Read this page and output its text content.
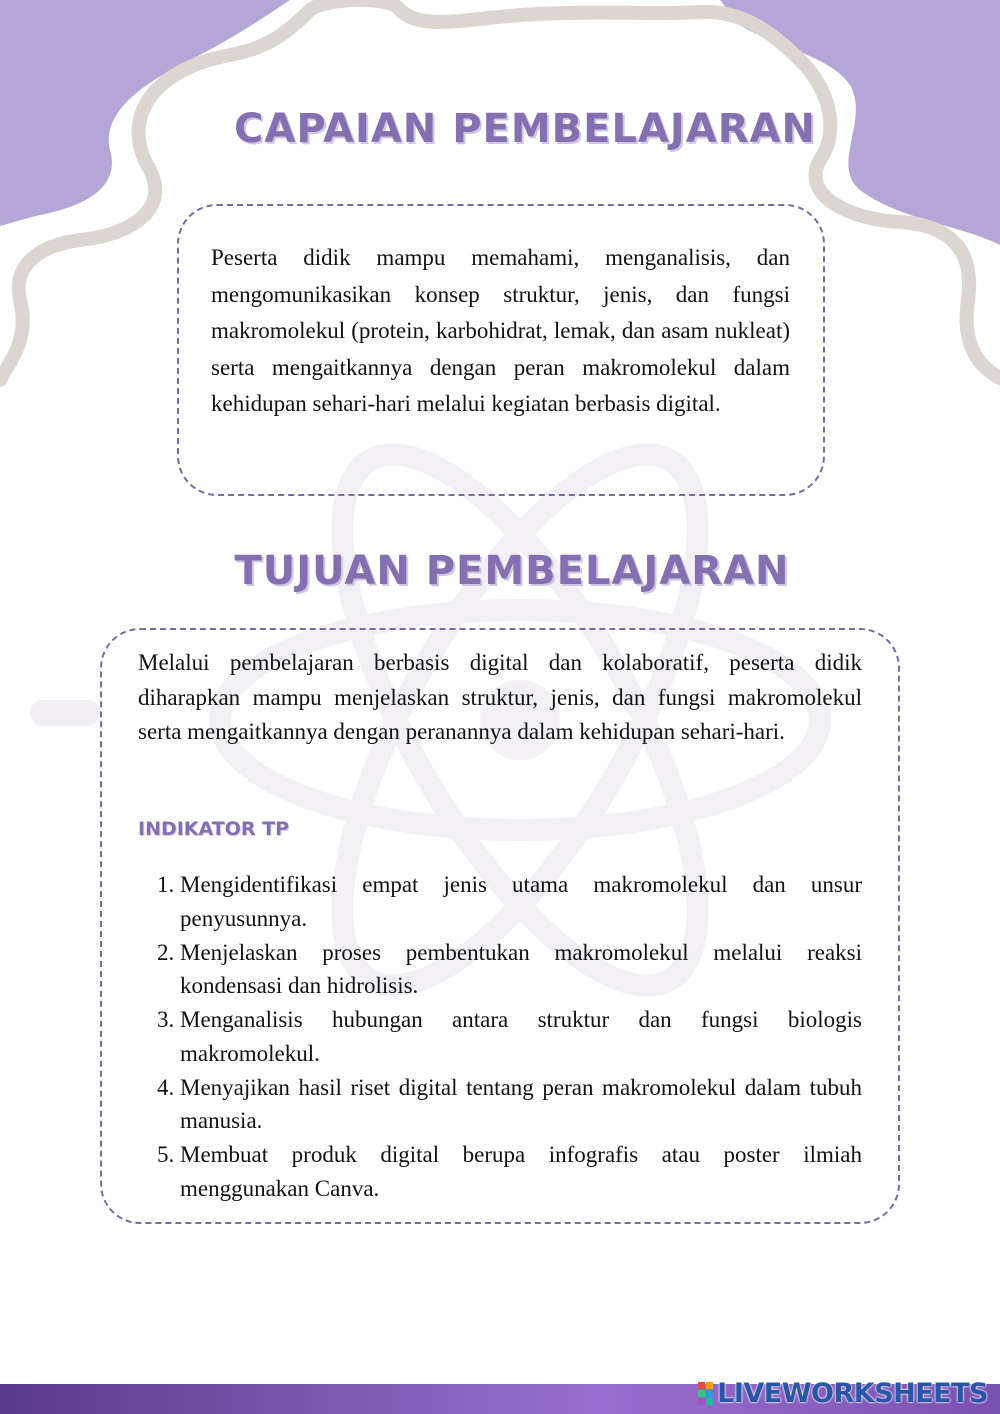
CAPAIAN PEMBELAJARAN
Peserta didik mampu memahami, menganalisis, dan mengomunikasikan konsep struktur, jenis, dan fungsi makromolekul (protein, karbohidrat, lemak, dan asam nukleat) serta mengaitkannya dengan peran makromolekul dalam kehidupan sehari-hari melalui kegiatan berbasis digital.
TUJUAN PEMBELAJARAN
Melalui pembelajaran berbasis digital dan kolaboratif, peserta didik diharapkan mampu menjelaskan struktur, jenis, dan fungsi makromolekul serta mengaitkannya dengan peranannya dalam kehidupan sehari-hari.
INDIKATOR TP
1. Mengidentifikasi empat jenis utama makromolekul dan unsur penyusunnya.
2. Menjelaskan proses pembentukan makromolekul melalui reaksi kondensasi dan hidrolisis.
3. Menganalisis hubungan antara struktur dan fungsi biologis makromolekul.
4. Menyajikan hasil riset digital tentang peran makromolekul dalam tubuh manusia.
5. Membuat produk digital berupa infografis atau poster ilmiah menggunakan Canva.
LIVEWORKSHEETS
